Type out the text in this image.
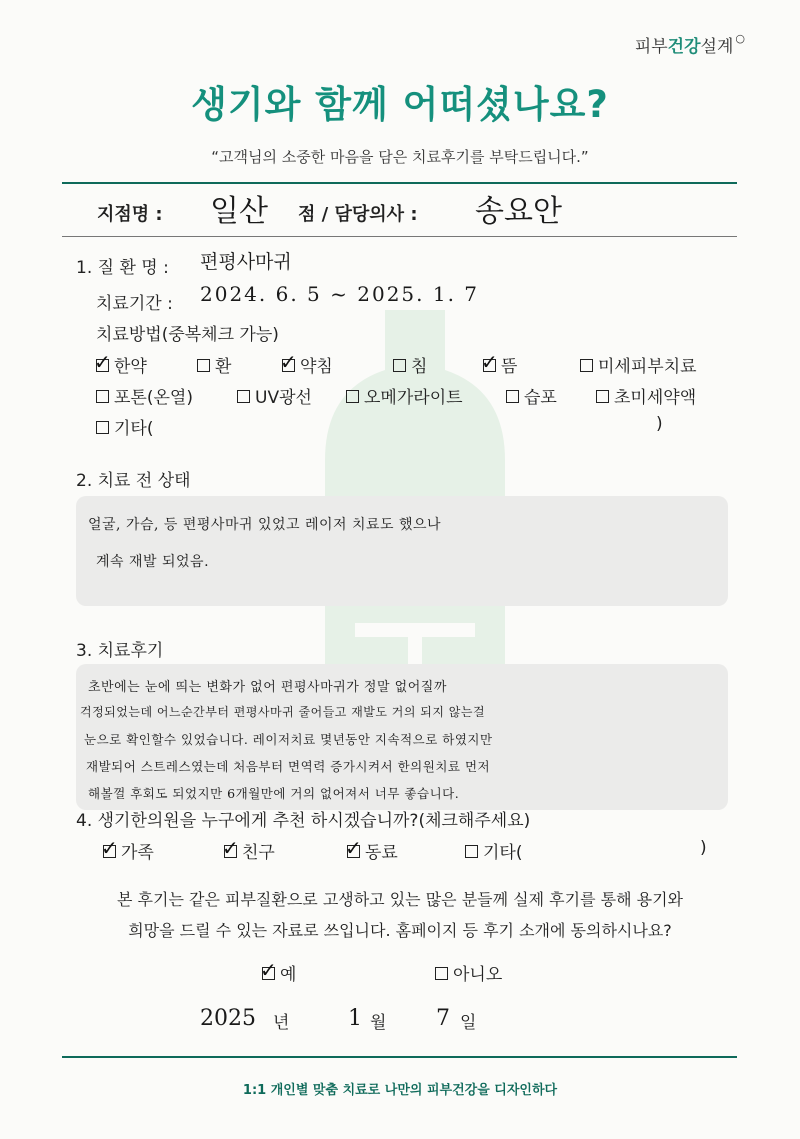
피부건강설계 ○
생기와 함께 어떠셨나요?
“고객님의 소중한 마음을 담은 치료후기를 부탁드립니다.”
지점명 : 일산 점 / 담당의사 : 송요안
1. 질 환 명 : 편평사마귀
치료기간 : 2024. 6. 5 ~ 2025. 1. 7
치료방법(중복체크 가능)
✓ 한약	환 ✓ 약침	침	✓ 뜸	미세피부치료
포톤(온열)	UV광선	오메가라이트	습포	초미세약액
기타(	)
2. 치료 전 상태
얼굴, 가슴, 등 편평사마귀 있었고 레이저 치료도 했으나
계속 재발 되었음.
3. 치료후기
초반에는 눈에 띄는 변화가 없어 편평사마귀가 정말 없어질까
걱정되었는데 어느순간부터 편평사마귀 줄어들고 재발도 거의 되지 않는걸
눈으로 확인할수 있었습니다. 레이저치료 몇년동안 지속적으로 하였지만
재발되어 스트레스였는데 처음부터 면역력 증가시켜서 한의원치료 먼저
해볼껄 후회도 되었지만 6개월만에 거의 없어져서 너무 좋습니다.
4. 생기한의원을 누구에게 추천 하시겠습니까?(체크해주세요)
✓ 가족	✓ 친구	✓ 동료	기타(	)
본 후기는 같은 피부질환으로 고생하고 있는 많은 분들께 실제 후기를 통해 용기와
희망을 드릴 수 있는 자료로 쓰입니다. 홈페이지 등 후기 소개에 동의하시나요?
✓ 예	아니오
2025 년	1 월 7 일
1:1 개인별 맞춤 치료로 나만의 피부건강을 디자인하다
